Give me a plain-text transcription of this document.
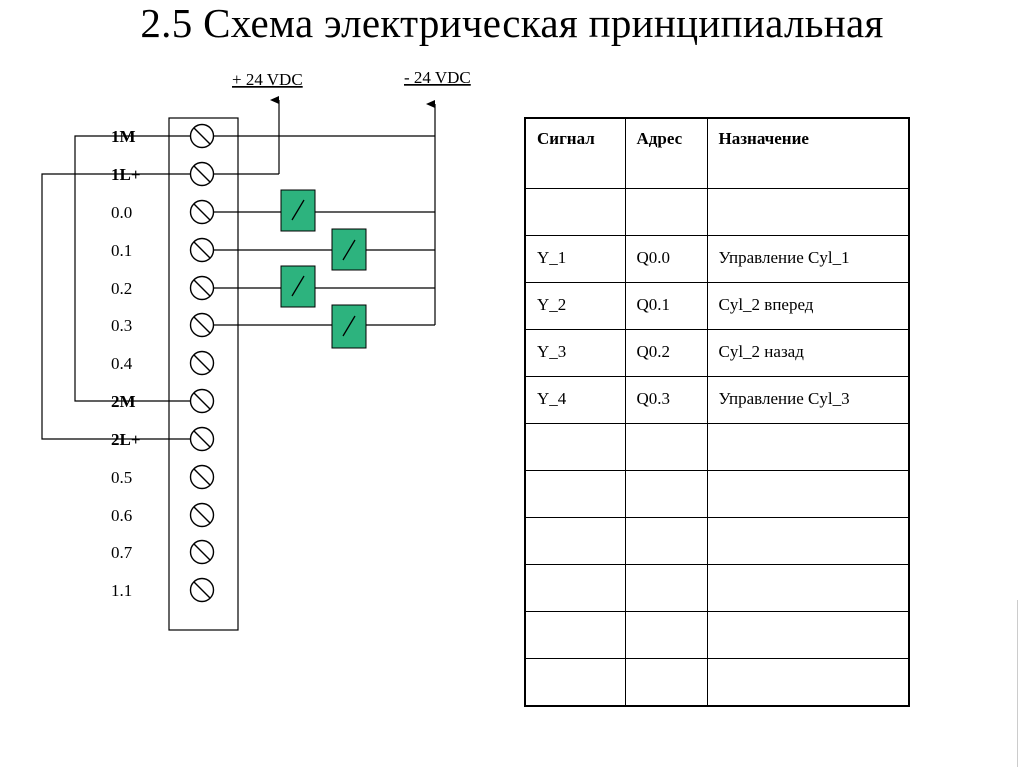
2.5 Схема электрическая принципиальная
1M
1L+
0.0
0.1
0.2
0.3
0.4
2M
2L+
0.5
0.6
0.7
1.1
+ 24 VDC	- 24 VDC
Сигнал	Адрес	Назначение

Y_1	Q0.0	Управление Cyl_1
Y_2	Q0.1	Cyl_2 вперед
Y_3	Q0.2	Cyl_2 назад
Y_4	Q0.3	Управление Cyl_3
